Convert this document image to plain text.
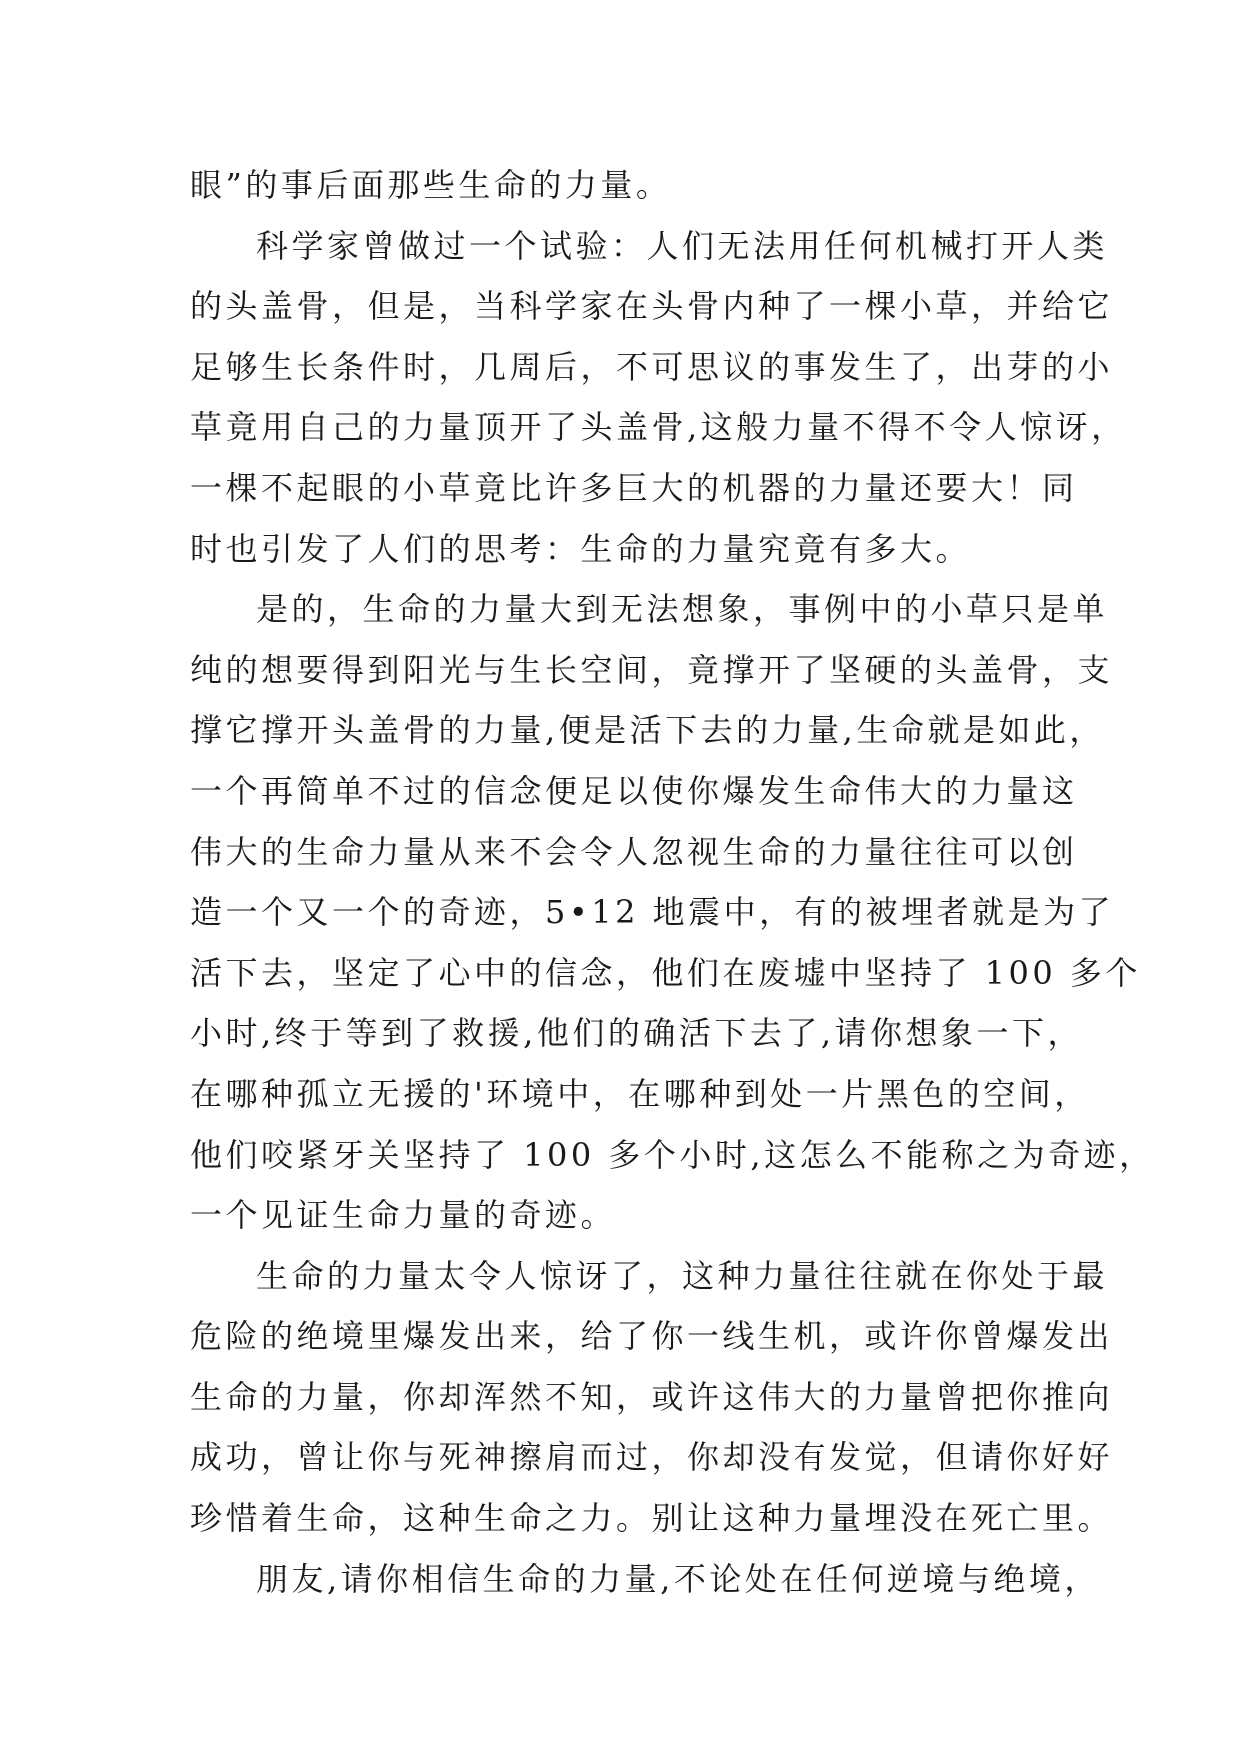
眼”的事后面那些生命的力量。
科学家曾做过一个试验：人们无法用任何机械打开人类
的头盖骨，但是，当科学家在头骨内种了一棵小草，并给它
足够生长条件时，几周后，不可思议的事发生了，出芽的小
草竟用自己的力量顶开了头盖骨,这般力量不得不令人惊讶，
一棵不起眼的小草竟比许多巨大的机器的力量还要大！同
时也引发了人们的思考：生命的力量究竟有多大。
是的，生命的力量大到无法想象，事例中的小草只是单
纯的想要得到阳光与生长空间，竟撑开了坚硬的头盖骨，支
撑它撑开头盖骨的力量,便是活下去的力量,生命就是如此，
一个再简单不过的信念便足以使你爆发生命伟大的力量这
伟大的生命力量从来不会令人忽视生命的力量往往可以创
造一个又一个的奇迹，5•12 地震中，有的被埋者就是为了
活下去，坚定了心中的信念，他们在废墟中坚持了 100 多个
小时,终于等到了救援,他们的确活下去了,请你想象一下，
在哪种孤立无援的'环境中，在哪种到处一片黑色的空间，
他们咬紧牙关坚持了 100 多个小时,这怎么不能称之为奇迹，
一个见证生命力量的奇迹。
生命的力量太令人惊讶了，这种力量往往就在你处于最
危险的绝境里爆发出来，给了你一线生机，或许你曾爆发出
生命的力量，你却浑然不知，或许这伟大的力量曾把你推向
成功，曾让你与死神擦肩而过，你却没有发觉，但请你好好
珍惜着生命，这种生命之力。别让这种力量埋没在死亡里。
朋友,请你相信生命的力量,不论处在任何逆境与绝境，
